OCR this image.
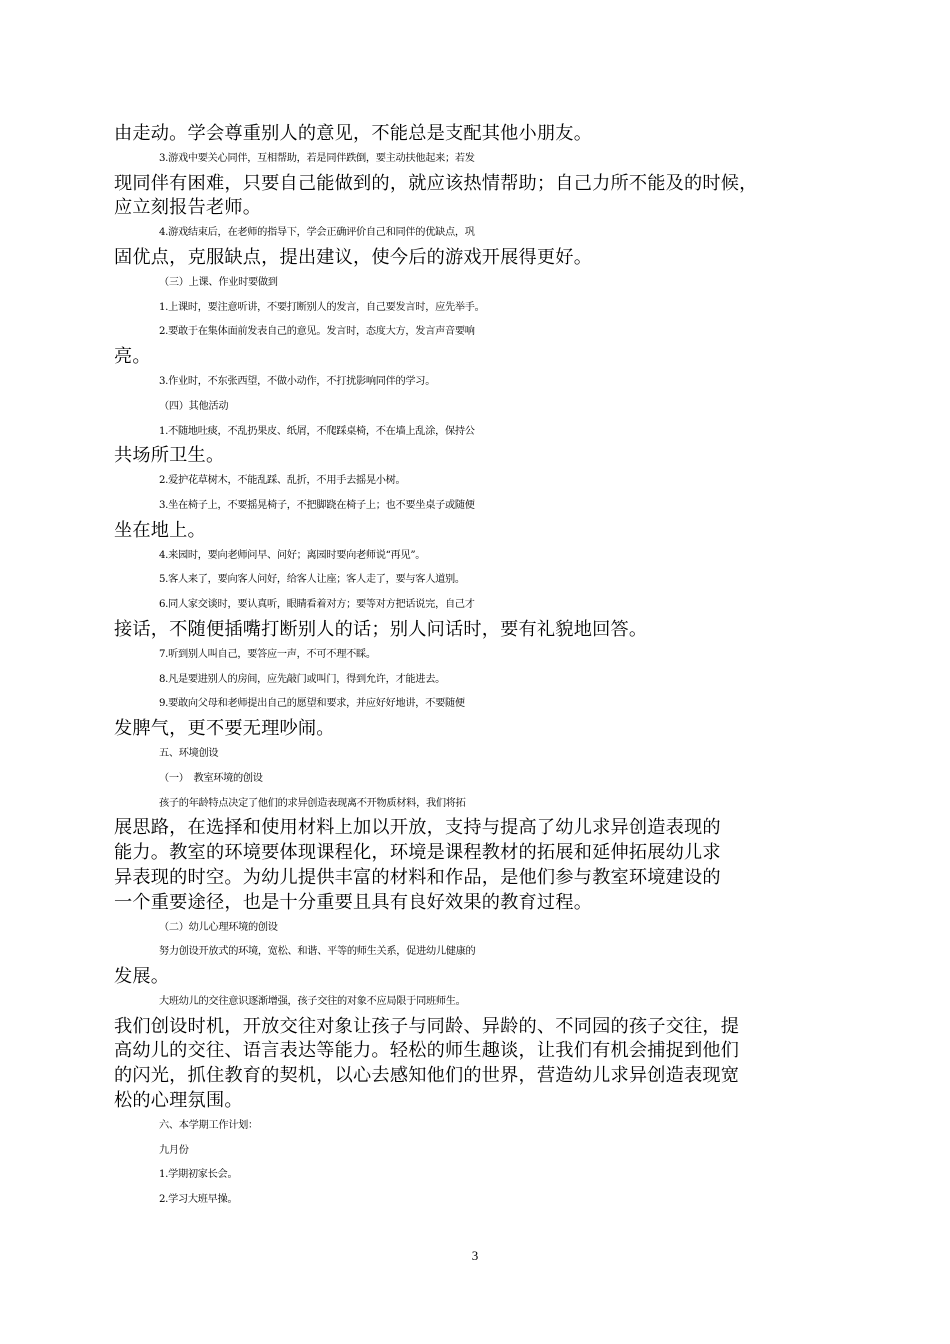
由走动。学会尊重别人的意见，不能总是支配其他小朋友。
3.游戏中要关心同伴，互相帮助，若是同伴跌倒，要主动扶他起来；若发
现同伴有困难，只要自己能做到的，就应该热情帮助；自己力所不能及的时候，
应立刻报告老师。
4.游戏结束后，在老师的指导下，学会正确评价自己和同伴的优缺点，巩
固优点，克服缺点，提出建议，使今后的游戏开展得更好。
（三）上课、作业时要做到
1.上课时，要注意听讲，不要打断别人的发言，自己要发言时，应先举手。
2.要敢于在集体面前发表自己的意见。发言时，态度大方，发言声音要响
亮。
3.作业时，不东张西望，不做小动作，不打扰影响同伴的学习。
（四）其他活动
1.不随地吐痰，不乱扔果皮、纸屑，不爬踩桌椅，不在墙上乱涂，保持公
共场所卫生。
2.爱护花草树木，不能乱踩、乱折，不用手去摇晃小树。
3.坐在椅子上，不要摇晃椅子，不把脚跷在椅子上；也不要坐桌子或随便
坐在地上。
4.来园时，要向老师问早、问好；离园时要向老师说“再见”。
5.客人来了，要向客人问好，给客人让座；客人走了，要与客人道别。
6.同人家交谈时，要认真听，眼睛看着对方；要等对方把话说完，自己才
接话，不随便插嘴打断别人的话；别人问话时，要有礼貌地回答。
7.听到别人叫自己，要答应一声，不可不理不睬。
8.凡是要进别人的房间，应先敲门或叫门，得到允许，才能进去。
9.要敢向父母和老师提出自己的愿望和要求，并应好好地讲，不要随便
发脾气，更不要无理吵闹。
五、环境创设
（一）　教室环境的创设
孩子的年龄特点决定了他们的求异创造表现离不开物质材料，我们将拓
展思路，在选择和使用材料上加以开放，支持与提高了幼儿求异创造表现的
能力。教室的环境要体现课程化，环境是课程教材的拓展和延伸拓展幼儿求
异表现的时空。为幼儿提供丰富的材料和作品，是他们参与教室环境建设的
一个重要途径，也是十分重要且具有良好效果的教育过程。
（二）幼儿心理环境的创设
努力创设开放式的环境，宽松、和谐、平等的师生关系，促进幼儿健康的
发展。
大班幼儿的交往意识逐渐增强，孩子交往的对象不应局限于同班师生。
我们创设时机，开放交往对象让孩子与同龄、异龄的、不同园的孩子交往，提
高幼儿的交往、语言表达等能力。轻松的师生趣谈，让我们有机会捕捉到他们
的闪光，抓住教育的契机，以心去感知他们的世界，营造幼儿求异创造表现宽
松的心理氛围。
六、本学期工作计划：
九月份
1.学期初家长会。
2.学习大班早操。
3
